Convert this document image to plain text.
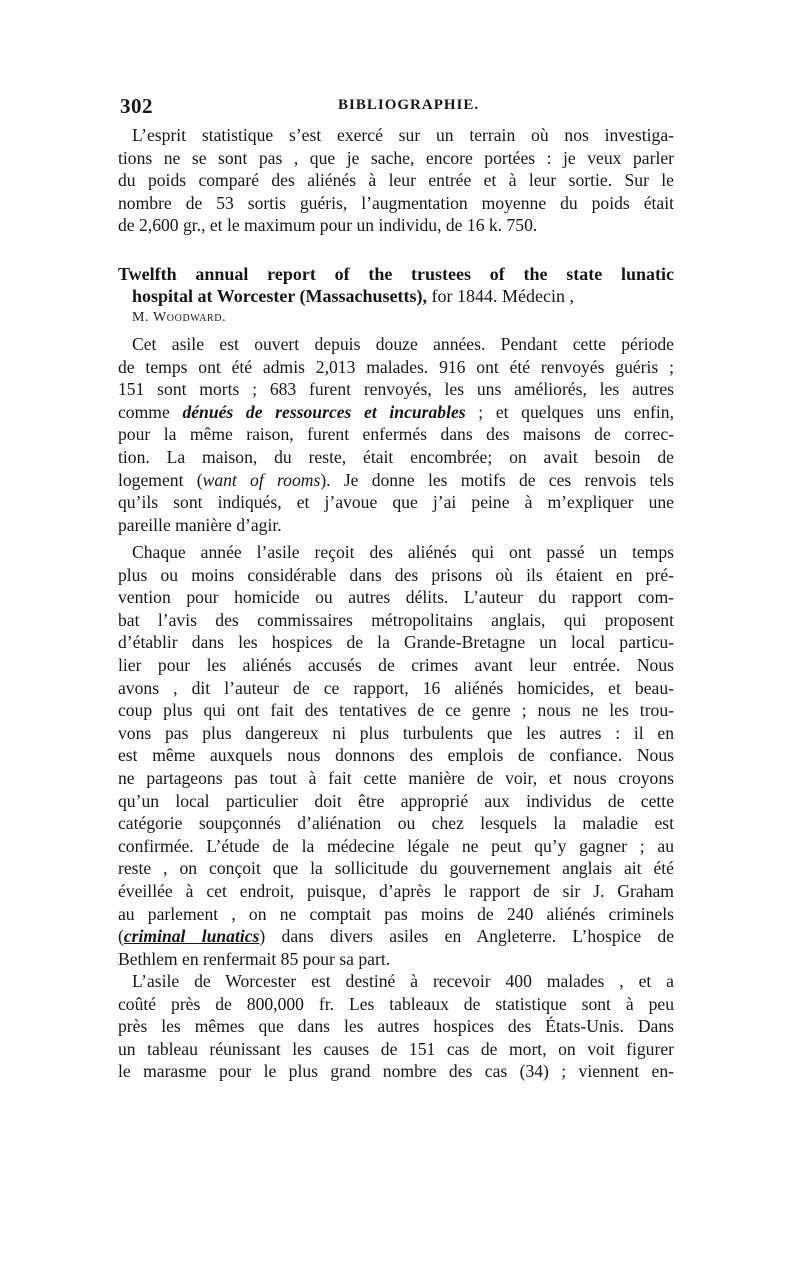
302	BIBLIOGRAPHIE.
L’esprit statistique s’est exercé sur un terrain où nos investiga-
tions ne se sont pas , que je sache, encore portées : je veux parler
du poids comparé des aliénés à leur entrée et à leur sortie. Sur le
nombre de 53 sortis guéris, l’augmentation moyenne du poids était
de 2,600 gr., et le maximum pour un individu, de 16 k. 750.
Twelfth annual report of the trustees of the state lunatic
hospital at Worcester (Massachusetts), for 1844. Médecin ,
M. Woodward.
Cet asile est ouvert depuis douze années. Pendant cette période
de temps ont été admis 2,013 malades. 916 ont été renvoyés guéris ;
151 sont morts ; 683 furent renvoyés, les uns améliorés, les autres
comme dénués de ressources et incurables ; et quelques uns enfin,
pour la même raison, furent enfermés dans des maisons de correc-
tion. La maison, du reste, était encombrée; on avait besoin de
logement (want of rooms). Je donne les motifs de ces renvois tels
qu’ils sont indiqués, et j’avoue que j’ai peine à m’expliquer une
pareille manière d’agir.
Chaque année l’asile reçoit des aliénés qui ont passé un temps
plus ou moins considérable dans des prisons où ils étaient en pré-
vention pour homicide ou autres délits. L’auteur du rapport com-
bat l’avis des commissaires métropolitains anglais, qui proposent
d’établir dans les hospices de la Grande-Bretagne un local particu-
lier pour les aliénés accusés de crimes avant leur entrée. Nous
avons , dit l’auteur de ce rapport, 16 aliénés homicides, et beau-
coup plus qui ont fait des tentatives de ce genre ; nous ne les trou-
vons pas plus dangereux ni plus turbulents que les autres : il en
est même auxquels nous donnons des emplois de confiance. Nous
ne partageons pas tout à fait cette manière de voir, et nous croyons
qu’un local particulier doit être approprié aux individus de cette
catégorie soupçonnés d’aliénation ou chez lesquels la maladie est
confirmée. L’étude de la médecine légale ne peut qu’y gagner ; au
reste , on conçoit que la sollicitude du gouvernement anglais ait été
éveillée à cet endroit, puisque, d’après le rapport de sir J. Graham
au parlement , on ne comptait pas moins de 240 aliénés criminels
(criminal lunatics) dans divers asiles en Angleterre. L’hospice de
Bethlem en renfermait 85 pour sa part.
L’asile de Worcester est destiné à recevoir 400 malades , et a
coûté près de 800,000 fr. Les tableaux de statistique sont à peu
près les mêmes que dans les autres hospices des États-Unis. Dans
un tableau réunissant les causes de 151 cas de mort, on voit figurer
le marasme pour le plus grand nombre des cas (34) ; viennent en-
